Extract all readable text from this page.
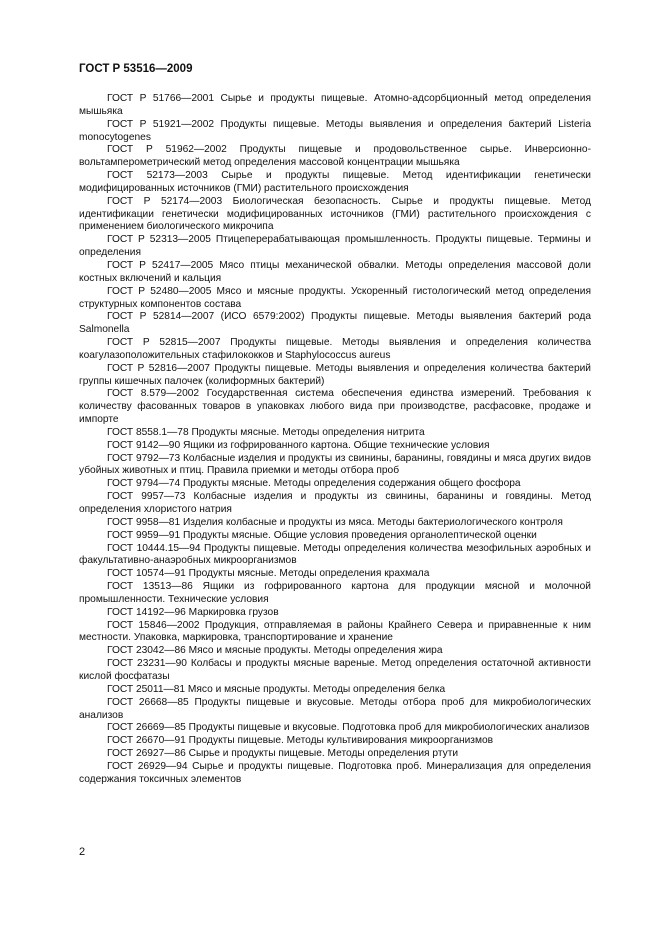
ГОСТ Р 53516—2009

ГОСТ Р 51766—2001 Сырье и продукты пищевые. Атомно-адсорбционный метод определения мышьяка

ГОСТ Р 51921—2002 Продукты пищевые. Методы выявления и определения бактерий Listeria monocytogenes

ГОСТ Р 51962—2002 Продукты пищевые и продовольственное сырье. Инверсионно-вольтамперометрический метод определения массовой концентрации мышьяка

ГОСТ 52173—2003 Сырье и продукты пищевые. Метод идентификации генетически модифицированных источников (ГМИ) растительного происхождения

ГОСТ Р 52174—2003 Биологическая безопасность. Сырье и продукты пищевые. Метод идентификации генетически модифицированных источников (ГМИ) растительного происхождения с применением биологического микрочипа

ГОСТ Р 52313—2005 Птицеперерабатывающая промышленность. Продукты пищевые. Термины и определения

ГОСТ Р 52417—2005 Мясо птицы механической обвалки. Методы определения массовой доли костных включений и кальция

ГОСТ Р 52480—2005 Мясо и мясные продукты. Ускоренный гистологический метод определения структурных компонентов состава

ГОСТ Р 52814—2007 (ИСО 6579:2002) Продукты пищевые. Методы выявления бактерий рода Salmonella

ГОСТ Р 52815—2007 Продукты пищевые. Методы выявления и определения количества коагулазоположительных стафилококков и Staphylococcus aureus

ГОСТ Р 52816—2007 Продукты пищевые. Методы выявления и определения количества бактерий группы кишечных палочек (колиформных бактерий)

ГОСТ 8.579—2002 Государственная система обеспечения единства измерений. Требования к количеству фасованных товаров в упаковках любого вида при производстве, расфасовке, продаже и импорте

ГОСТ 8558.1—78 Продукты мясные. Методы определения нитрита

ГОСТ 9142—90 Ящики из гофрированного картона. Общие технические условия

ГОСТ 9792—73 Колбасные изделия и продукты из свинины, баранины, говядины и мяса других видов убойных животных и птиц. Правила приемки и методы отбора проб

ГОСТ 9794—74 Продукты мясные. Методы определения содержания общего фосфора

ГОСТ 9957—73 Колбасные изделия и продукты из свинины, баранины и говядины. Метод определения хлористого натрия

ГОСТ 9958—81 Изделия колбасные и продукты из мяса. Методы бактериологического контроля

ГОСТ 9959—91 Продукты мясные. Общие условия проведения органолептической оценки

ГОСТ 10444.15—94 Продукты пищевые. Методы определения количества мезофильных аэробных и факультативно-анаэробных микроорганизмов

ГОСТ 10574—91 Продукты мясные. Методы определения крахмала

ГОСТ 13513—86 Ящики из гофрированного картона для продукции мясной и молочной промышленности. Технические условия

ГОСТ 14192—96 Маркировка грузов

ГОСТ 15846—2002 Продукция, отправляемая в районы Крайнего Севера и приравненные к ним местности. Упаковка, маркировка, транспортирование и хранение

ГОСТ 23042—86 Мясо и мясные продукты. Методы определения жира

ГОСТ 23231—90 Колбасы и продукты мясные вареные. Метод определения остаточной активности кислой фосфатазы

ГОСТ 25011—81 Мясо и мясные продукты. Методы определения белка

ГОСТ 26668—85 Продукты пищевые и вкусовые. Методы отбора проб для микробиологических анализов

ГОСТ 26669—85 Продукты пищевые и вкусовые. Подготовка проб для микробиологических анализов

ГОСТ 26670—91 Продукты пищевые. Методы культивирования микроорганизмов

ГОСТ 26927—86 Сырье и продукты пищевые. Методы определения ртути

ГОСТ 26929—94 Сырье и продукты пищевые. Подготовка проб. Минерализация для определения содержания токсичных элементов

2
